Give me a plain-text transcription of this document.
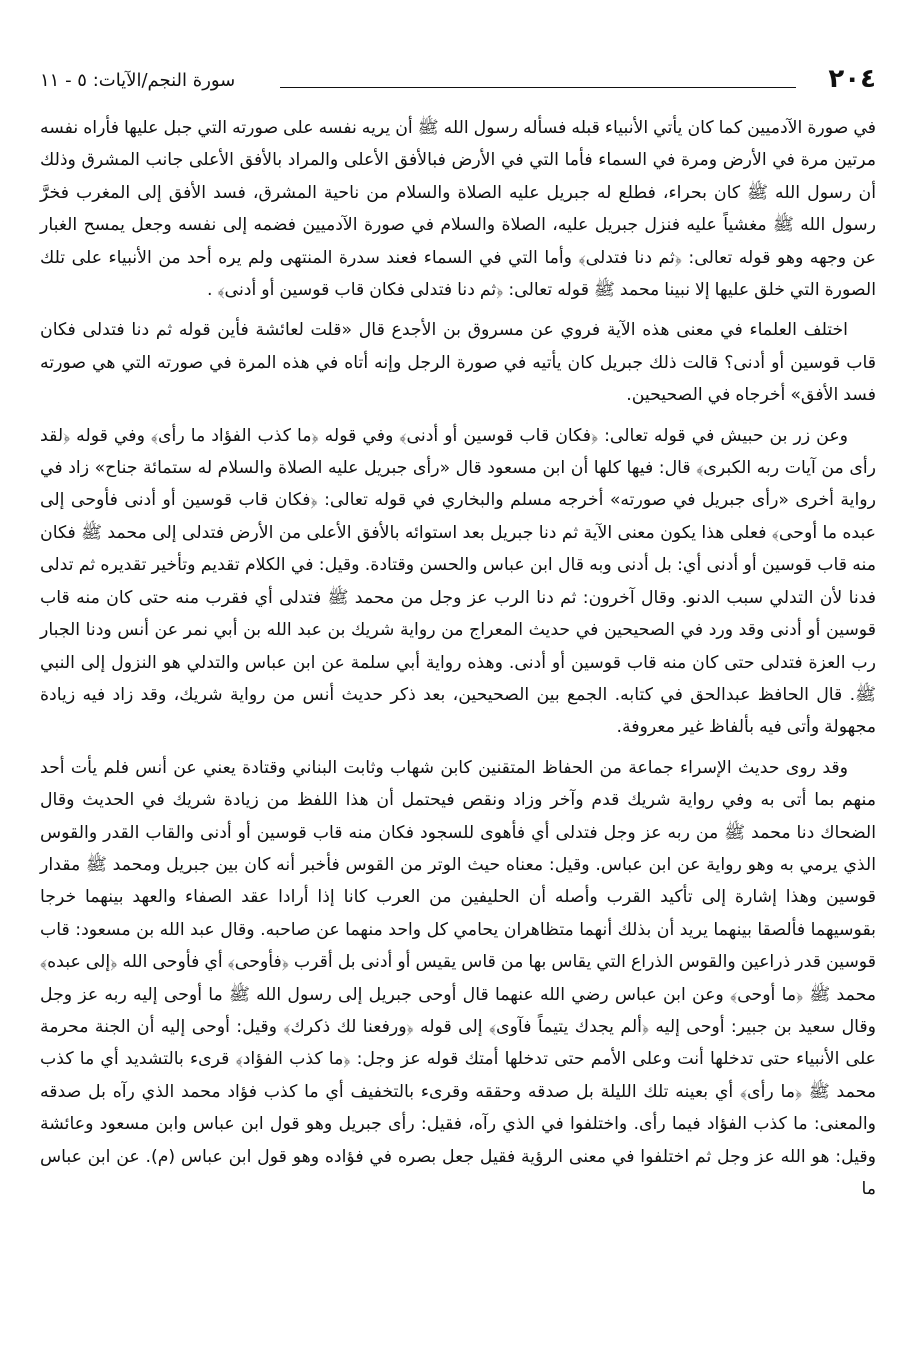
٢٠٤
سورة النجم/الآيات: ٥ - ١١

في صورة الآدميين كما كان يأتي الأنبياء قبله فسأله رسول الله ﷺ أن يريه نفسه على صورته التي جبل عليها فأراه نفسه مرتين مرة في الأرض ومرة في السماء فأما التي في الأرض فبالأفق الأعلى والمراد بالأفق الأعلى جانب المشرق وذلك أن رسول الله ﷺ كان بحراء، فطلع له جبريل عليه الصلاة والسلام من ناحية المشرق، فسد الأفق إلى المغرب فخرَّ رسول الله ﷺ مغشياً عليه فنزل جبريل عليه، الصلاة والسلام في صورة الآدميين فضمه إلى نفسه وجعل يمسح الغبار عن وجهه وهو قوله تعالى: ﴿ثم دنا فتدلى﴾ وأما التي في السماء فعند سدرة المنتهى ولم يره أحد من الأنبياء على تلك الصورة التي خلق عليها إلا نبينا محمد ﷺ قوله تعالى: ﴿ثم دنا فتدلى فكان قاب قوسين أو أدنى﴾ .

اختلف العلماء في معنى هذه الآية فروي عن مسروق بن الأجدع قال «قلت لعائشة فأين قوله ثم دنا فتدلى فكان قاب قوسين أو أدنى؟ قالت ذلك جبريل كان يأتيه في صورة الرجل وإنه أتاه في هذه المرة في صورته التي هي صورته فسد الأفق» أخرجاه في الصحيحين.

وعن زر بن حبيش في قوله تعالى: ﴿فكان قاب قوسين أو أدنى﴾ وفي قوله ﴿ما كذب الفؤاد ما رأى﴾ وفي قوله ﴿لقد رأى من آيات ربه الكبرى﴾ قال: فيها كلها أن ابن مسعود قال «رأى جبريل عليه الصلاة والسلام له ستمائة جناح» زاد في رواية أخرى «رأى جبريل في صورته» أخرجه مسلم والبخاري في قوله تعالى: ﴿فكان قاب قوسين أو أدنى فأوحى إلى عبده ما أوحى﴾ فعلى هذا يكون معنى الآية ثم دنا جبريل بعد استوائه بالأفق الأعلى من الأرض فتدلى إلى محمد ﷺ فكان منه قاب قوسين أو أدنى أي: بل أدنى وبه قال ابن عباس والحسن وقتادة. وقيل: في الكلام تقديم وتأخير تقديره ثم تدلى فدنا لأن التدلي سبب الدنو. وقال آخرون: ثم دنا الرب عز وجل من محمد ﷺ فتدلى أي فقرب منه حتى كان منه قاب قوسين أو أدنى وقد ورد في الصحيحين في حديث المعراج من رواية شريك بن عبد الله بن أبي نمر عن أنس ودنا الجبار رب العزة فتدلى حتى كان منه قاب قوسين أو أدنى. وهذه رواية أبي سلمة عن ابن عباس والتدلي هو النزول إلى النبي ﷺ. قال الحافظ عبدالحق في كتابه. الجمع بين الصحيحين، بعد ذكر حديث أنس من رواية شريك، وقد زاد فيه زيادة مجهولة وأتى فيه بألفاظ غير معروفة.

وقد روى حديث الإسراء جماعة من الحفاظ المتقنين كابن شهاب وثابت البناني وقتادة يعني عن أنس فلم يأت أحد منهم بما أتى به وفي رواية شريك قدم وآخر وزاد ونقص فيحتمل أن هذا اللفظ من زيادة شريك في الحديث وقال الضحاك دنا محمد ﷺ من ربه عز وجل فتدلى أي فأهوى للسجود فكان منه قاب قوسين أو أدنى والقاب القدر والقوس الذي يرمي به وهو رواية عن ابن عباس. وقيل: معناه حيث الوتر من القوس فأخبر أنه كان بين جبريل ومحمد ﷺ مقدار قوسين وهذا إشارة إلى تأكيد القرب وأصله أن الحليفين من العرب كانا إذا أرادا عقد الصفاء والعهد بينهما خرجا بقوسيهما فألصقا بينهما يريد أن بذلك أنهما متظاهران يحامي كل واحد منهما عن صاحبه. وقال عبد الله بن مسعود: قاب قوسين قدر ذراعين والقوس الذراع التي يقاس بها من قاس يقيس أو أدنى بل أقرب ﴿فأوحى﴾ أي فأوحى الله ﴿إلى عبده﴾ محمد ﷺ ﴿ما أوحى﴾ وعن ابن عباس رضي الله عنهما قال أوحى جبريل إلى رسول الله ﷺ ما أوحى إليه ربه عز وجل وقال سعيد بن جبير: أوحى إليه ﴿ألم يجدك يتيماً فآوى﴾ إلى قوله ﴿ورفعنا لك ذكرك﴾ وقيل: أوحى إليه أن الجنة محرمة على الأنبياء حتى تدخلها أنت وعلى الأمم حتى تدخلها أمتك قوله عز وجل: ﴿ما كذب الفؤاد﴾ قرىء بالتشديد أي ما كذب محمد ﷺ ﴿ما رأى﴾ أي بعينه تلك الليلة بل صدقه وحققه وقرىء بالتخفيف أي ما كذب فؤاد محمد الذي رآه بل صدقه والمعنى: ما كذب الفؤاد فيما رأى. واختلفوا في الذي رآه، فقيل: رأى جبريل وهو قول ابن عباس وابن مسعود وعائشة وقيل: هو الله عز وجل ثم اختلفوا في معنى الرؤية فقيل جعل بصره في فؤاده وهو قول ابن عباس (م). عن ابن عباس ما
